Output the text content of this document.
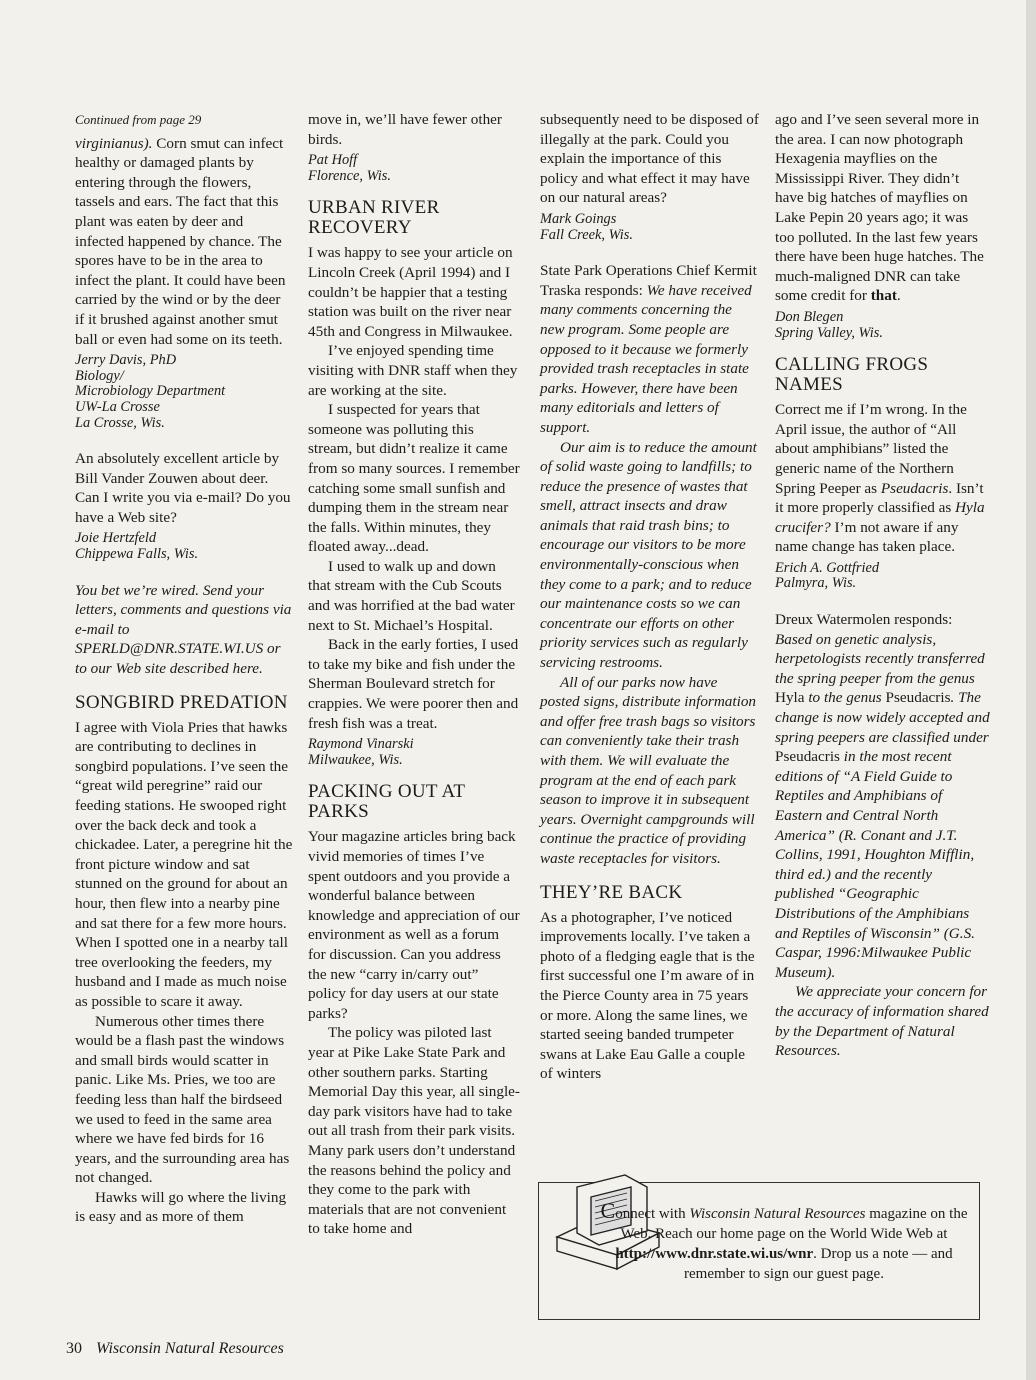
Continued from page 29

virginianus). Corn smut can infect healthy or damaged plants by entering through the flowers, tassels and ears. The fact that this plant was eaten by deer and infected happened by chance. The spores have to be in the area to infect the plant. It could have been carried by the wind or by the deer if it brushed against another smut ball or even had some on its teeth.

Jerry Davis, PhD
Biology/
Microbiology Department
UW-La Crosse
La Crosse, Wis.

An absolutely excellent article by Bill Vander Zouwen about deer. Can I write you via e-mail? Do you have a Web site?

Joie Hertzfeld
Chippewa Falls, Wis.

You bet we’re wired. Send your letters, comments and questions via e-mail to SPERLD@DNR.STATE.WI.US or to our Web site described here.

SONGBIRD PREDATION

I agree with Viola Pries that hawks are contributing to declines in songbird populations. I’ve seen the “great wild peregrine” raid our feeding stations. He swooped right over the back deck and took a chickadee. Later, a peregrine hit the front picture window and sat stunned on the ground for about an hour, then flew into a nearby pine and sat there for a few more hours. When I spotted one in a nearby tall tree overlooking the feeders, my husband and I made as much noise as possible to scare it away.

Numerous other times there would be a flash past the windows and small birds would scatter in panic. Like Ms. Pries, we too are feeding less than half the birdseed we used to feed in the same area where we have fed birds for 16 years, and the surrounding area has not changed.

Hawks will go where the living is easy and as more of them

move in, we’ll have fewer other birds.

Pat Hoff
Florence, Wis.
URBAN RIVER RECOVERY

I was happy to see your article on Lincoln Creek (April 1994) and I couldn’t be happier that a testing station was built on the river near 45th and Congress in Milwaukee.

I’ve enjoyed spending time visiting with DNR staff when they are working at the site.

I suspected for years that someone was polluting this stream, but didn’t realize it came from so many sources. I remember catching some small sunfish and dumping them in the stream near the falls. Within minutes, they floated away...dead.

I used to walk up and down that stream with the Cub Scouts and was horrified at the bad water next to St. Michael’s Hospital.

Back in the early forties, I used to take my bike and fish under the Sherman Boulevard stretch for crappies. We were poorer then and fresh fish was a treat.

Raymond Vinarski
Milwaukee, Wis.
PACKING OUT AT PARKS

Your magazine articles bring back vivid memories of times I’ve spent outdoors and you provide a wonderful balance between knowledge and appreciation of our environment as well as a forum for discussion. Can you address the new “carry in/carry out” policy for day users at our state parks?

The policy was piloted last year at Pike Lake State Park and other southern parks. Starting Memorial Day this year, all single-day park visitors have had to take out all trash from their park visits. Many park users don’t understand the reasons behind the policy and they come to the park with materials that are not convenient to take home and

subsequently need to be disposed of illegally at the park. Could you explain the importance of this policy and what effect it may have on our natural areas?

Mark Goings
Fall Creek, Wis.

State Park Operations Chief Kermit Traska responds: We have received many comments concerning the new program. Some people are opposed to it because we formerly provided trash receptacles in state parks. However, there have been many editorials and letters of support.

Our aim is to reduce the amount of solid waste going to landfills; to reduce the presence of wastes that smell, attract insects and draw animals that raid trash bins; to encourage our visitors to be more environmentally-conscious when they come to a park; and to reduce our maintenance costs so we can concentrate our efforts on other priority services such as regularly servicing restrooms.

All of our parks now have posted signs, distribute information and offer free trash bags so visitors can conveniently take their trash with them. We will evaluate the program at the end of each park season to improve it in subsequent years. Overnight campgrounds will continue the practice of providing waste receptacles for visitors.

THEY’RE BACK

As a photographer, I’ve noticed improvements locally. I’ve taken a photo of a fledging eagle that is the first successful one I’m aware of in the Pierce County area in 75 years or more. Along the same lines, we started seeing banded trumpeter swans at Lake Eau Galle a couple of winters

ago and I’ve seen several more in the area. I can now photograph Hexagenia mayflies on the Mississippi River. They didn’t have big hatches of mayflies on Lake Pepin 20 years ago; it was too polluted. In the last few years there have been huge hatches. The much-maligned DNR can take some credit for that.

Don Blegen
Spring Valley, Wis.
CALLING FROGS NAMES

Correct me if I’m wrong. In the April issue, the author of “All about amphibians” listed the generic name of the Northern Spring Peeper as Pseudacris. Isn’t it more properly classified as Hyla crucifer? I’m not aware if any name change has taken place.

Erich A. Gottfried
Palmyra, Wis.

Dreux Watermolen responds:

Based on genetic analysis, herpetologists recently transferred the spring peeper from the genus Hyla to the genus Pseudacris. The change is now widely accepted and spring peepers are classified under Pseudacris in the most recent editions of “A Field Guide to Reptiles and Amphibians of Eastern and Central North America” (R. Conant and J.T. Collins, 1991, Houghton Mifflin, third ed.) and the recently published “Geographic Distributions of the Amphibians and Reptiles of Wisconsin” (G.S. Caspar, 1996:Milwaukee Public Museum).

We appreciate your concern for the accuracy of information shared by the Department of Natural Resources.

Connect with Wisconsin Natural Resources magazine on the Web. Reach our home page on the World Wide Web at
http://www.dnr.state.wi.us/wnr. Drop us a note — and remember to sign our guest page.
30 Wisconsin Natural Resources
